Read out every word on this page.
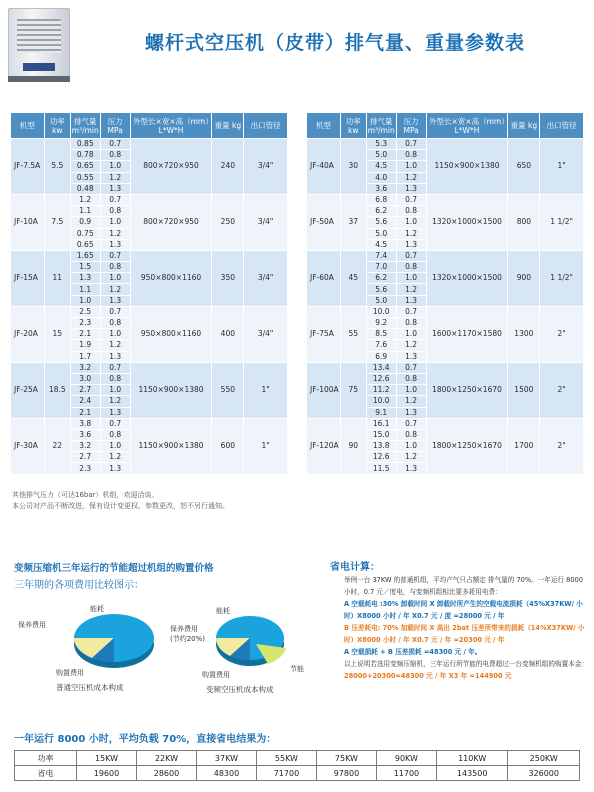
螺杆式空压机（皮带）排气量、重量参数表
机型	功率 kw	排气量 m³/min	压力 MPa	外型长×宽×高（mm）L*W*H	重量 kg	出口管径
JF-7.5A	5.5	0.85	0.7	800×720×950	240	3/4"
		0.78	0.8			
		0.65	1.0			
		0.55	1.2			
		0.48	1.3			
JF-10A	7.5	1.2	0.7	800×720×950	250	3/4"
		1.1	0.8			
		0.9	1.0			
		0.75	1.2			
		0.65	1.3			
JF-15A	11	1.65	0.7	950×800×1160	350	3/4"
		1.5	0.8			
		1.3	1.0			
		1.1	1.2			
		1.0	1.3			
JF-20A	15	2.5	0.7	950×800×1160	400	3/4"
		2.3	0.8			
		2.1	1.0			
		1.9	1.2			
		1.7	1.3			
JF-25A	18.5	3.2	0.7	1150×900×1380	550	1"
		3.0	0.8			
		2.7	1.0			
		2.4	1.2			
		2.1	1.3			
JF-30A	22	3.8	0.7	1150×900×1380	600	1"
		3.6	0.8			
		3.2	1.0			
		2.7	1.2			
		2.3	1.3			
机型	功率 kw	排气量 m³/min	压力 MPa	外型长×宽×高（mm）L*W*H	重量 kg	出口管径
JF-40A	30	5.3	0.7	1150×900×1380	650	1"
		5.0	0.8			
		4.5	1.0			
		4.0	1.2			
		3.6	1.3			
JF-50A	37	6.8	0.7	1320×1000×1500	800	1 1/2"
		6.2	0.8			
		5.6	1.0			
		5.0	1.2			
		4.5	1.3			
JF-60A	45	7.4	0.7	1320×1000×1500	900	1 1/2"
		7.0	0.8			
		6.2	1.0			
		5.6	1.2			
		5.0	1.3			
JF-75A	55	10.0	0.7	1600×1170×1580	1300	2"
		9.2	0.8			
		8.5	1.0			
		7.6	1.2			
		6.9	1.3			
JF-100A	75	13.4	0.7	1800×1250×1670	1500	2"
		12.6	0.8			
		11.2	1.0			
		10.0	1.2			
		9.1	1.3			
JF-120A	90	16.1	0.7	1800×1250×1670	1700	2"
		15.0	0.8			
		13.8	1.0			
		12.6	1.2			
		11.5	1.3			
其他排气压力（可达16bar）机组，欢迎洽谈。
本公司对产品不断改进，保有设计变更权。参数更改，恕不另行通知。
变频压缩机三年运行的节能超过机组的购置价格
三年期的各项费用比较图示：
能耗
保养费用
购置费用
普通空压机成本构成
能耗
保养费用
(节约20%)
节能
购置费用
变频空压机成本构成
省电计算：

举例一台 37KW 的普通机组，平均产气只占额定 排气量的 70%。一年运行 8000 小时，0.7 元／度电，与变频机组相比要多耗用电费：

A 空载耗电 :30% 卸载时间 X 卸载时所产生的空载电流损耗（45%X37KW/ 小时）X8000 小时 / 年 X0.7 元 / 度 =28000 元 / 年

B 压差耗电: 70% 加载时间 X 高出 2bat 压差所带来的损耗（14%X37KW/ 小时）X8000 小时 / 年 X0.7 元 / 年 =20300 元 / 年

A 空载损耗 + B 压差损耗 =48300 元 / 年。

以上说明若选用变频压缩机，三年运行所节能的电费超过一台变频机组的购置本金：

28000+20300=48300 元 / 年 X3 年 =144900 元

一年运行 8000 小时，平均负载 70%，直接省电结果为：
功率	15KW	22KW	37KW	55KW	75KW	90KW	110KW	250KW
省电	19600	28600	48300	71700	97800	11700	143500	326000
